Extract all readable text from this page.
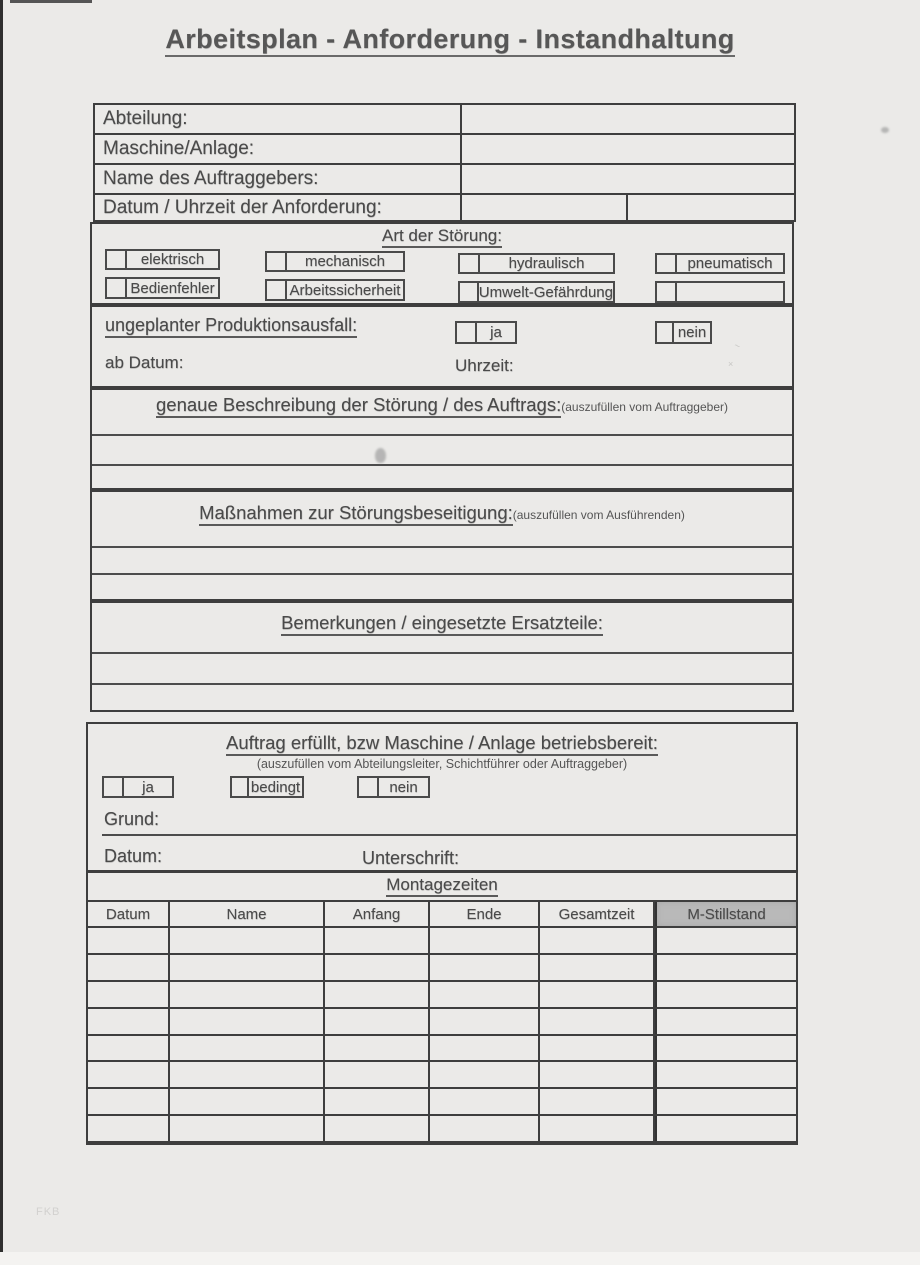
Arbeitsplan - Anforderung - Instandhaltung
Abteilung:
Maschine/Anlage:
Name des Auftraggebers:
Datum / Uhrzeit der Anforderung:
Art der Störung:
elektrisch	mechanisch	hydraulisch	pneumatisch
Bedienfehler	Arbeitssicherheit	Umwelt-Gefährdung
ungeplanter Produktionsausfall:	ja	nein
ab Datum:	Uhrzeit:
~
×
genaue Beschreibung der Störung / des Auftrags:(auszufüllen vom Auftraggeber)
Maßnahmen zur Störungsbeseitigung:(auszufüllen vom Ausführenden)
Bemerkungen / eingesetzte Ersatzteile:
Auftrag erfüllt, bzw Maschine / Anlage betriebsbereit:
(auszufüllen vom Abteilungsleiter, Schichtführer oder Auftraggeber)
ja	bedingt	nein
Grund:
Datum:	Unterschrift:
Montagezeiten
Datum	Name	Anfang	Ende	Gesamtzeit	M-Stillstand
FKB
